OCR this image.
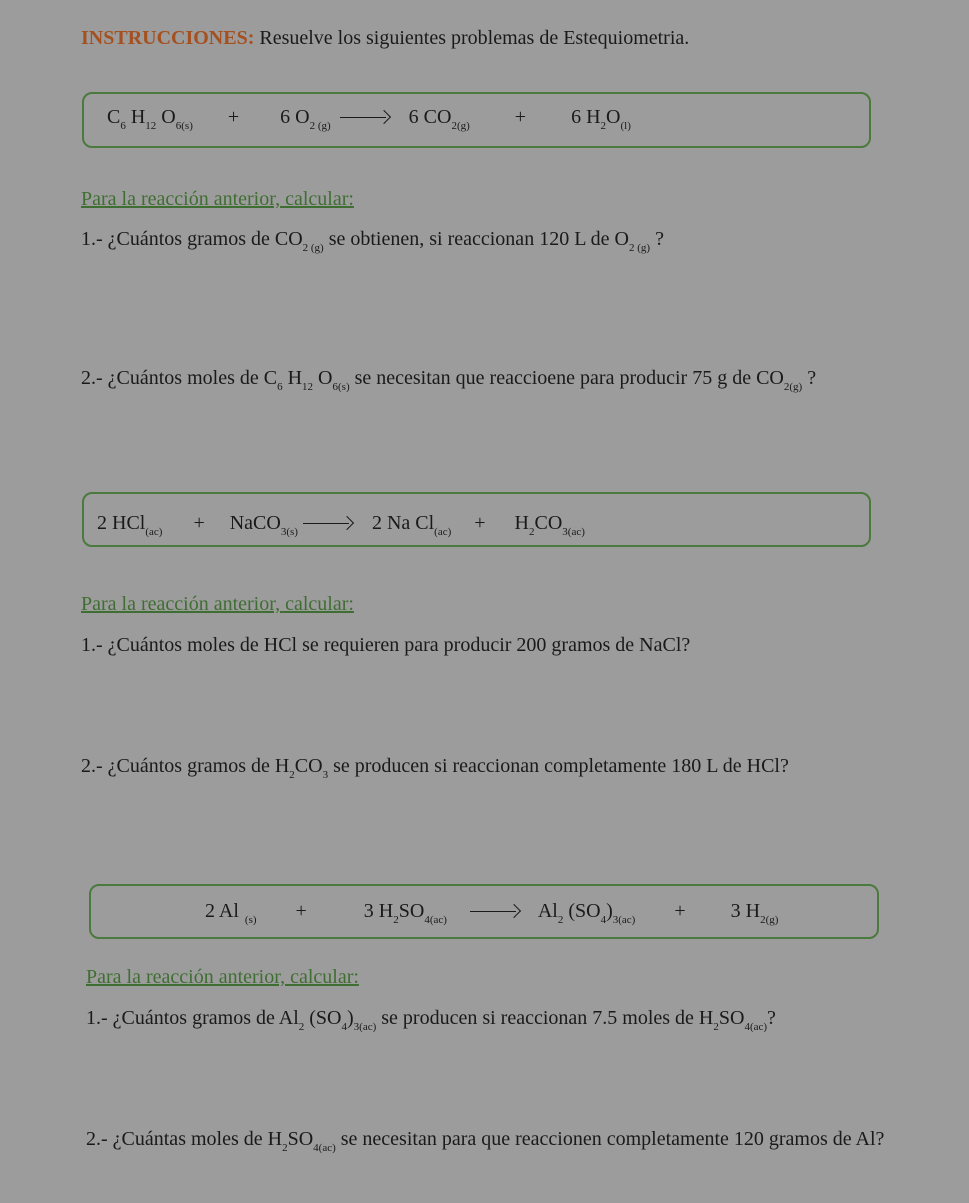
INSTRUCCIONES: Resuelve los siguientes problemas de Estequiometria.
$C_6$ $H_{12}$ $O_{6(s)} + 6$ $O_{2 (g)}$	6 $CO_{2(g)} + 6$ $H_2O_{(l)}$
Para la reacción anterior, calcular:
1.- ¿Cuántos gramos de $CO_{2 (g)}$ se obtienen, si reaccionan 120 L de $O_{2 (g)}$ ?
2.- ¿Cuántos moles de $C_6$ $H_{12}$ $O_{6(s)}$ se necesitan que reaccioene para producir 75 g de $CO_{2(g)}$ ?
2 HCl$_{(ac)}$ + NaCO$_{3(s)}$	2 Na $Cl_{(ac)} + H_2CO_{3(ac)}$
Para la reacción anterior, calcular:
1.- ¿Cuántos moles de HCl se requieren para producir 200 gramos de NaCl?
2.- ¿Cuántos gramos de $H_2CO_3$ se producen si reaccionan completamente 180 L de HCl?
2 Al $_{(s)}$ +	3 $H_2SO_{4(ac)}$	$Al_2$ $(SO_4)_{3(ac)} + 3$ $H_{2(g)}$
Para la reacción anterior, calcular:
1.- ¿Cuántos gramos de $Al_2$ $(SO_4)_{3(ac)}$ se producen si reaccionan 7.5 moles de $H_2SO_{4(ac)}$?
2.- ¿Cuántas moles de $H_2SO_{4(ac)}$ se necesitan para que reaccionen completamente 120 gramos de Al?
